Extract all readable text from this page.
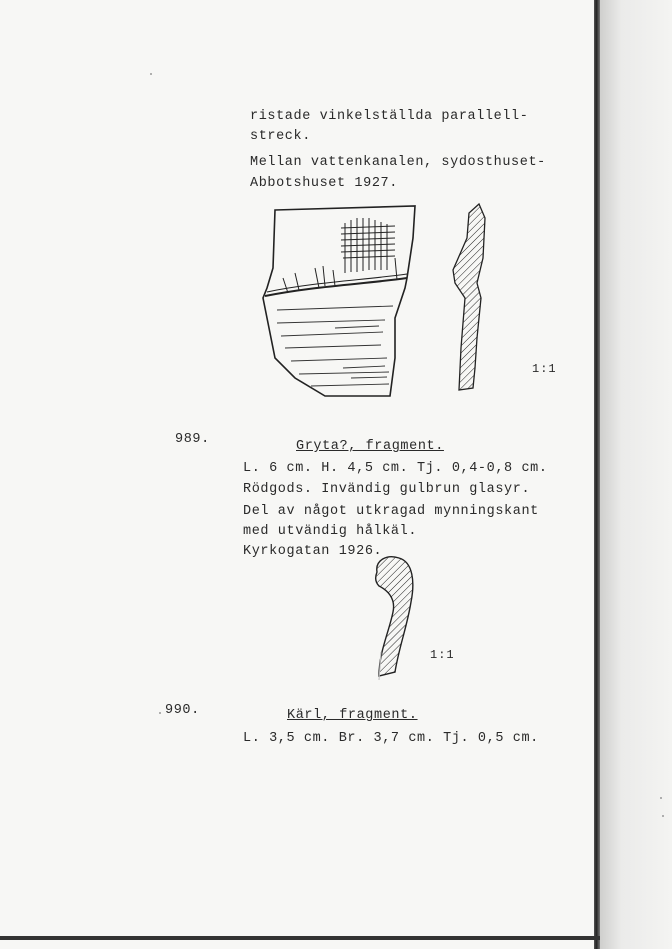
ristade vinkelställda parallell-
streck.
Mellan vattenkanalen, sydosthuset-
Abbotshuset 1927.
1:1
989.	Gryta?, fragment.
L. 6 cm. H. 4,5 cm. Tj. 0,4-0,8 cm.
Rödgods. Invändig gulbrun glasyr.
Del av något utkragad mynningskant
med utvändig hålkäl.
Kyrkogatan 1926.
1:1
990.	Kärl, fragment.
L. 3,5 cm. Br. 3,7 cm. Tj. 0,5 cm.
